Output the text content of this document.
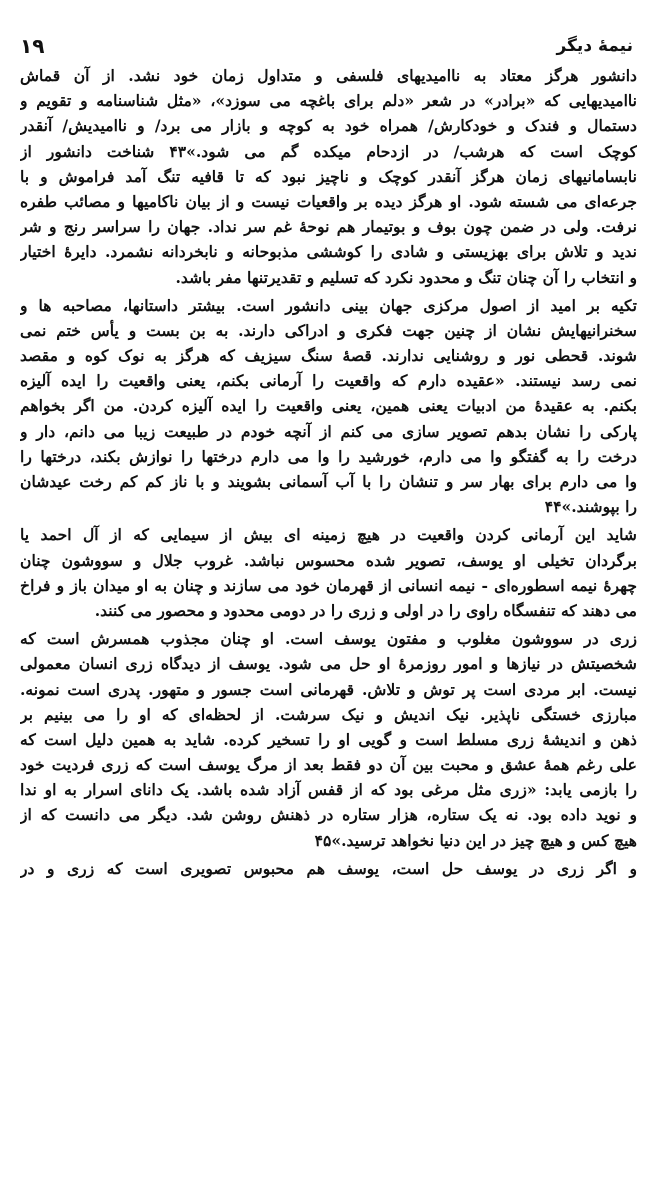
۱۹	نیمهٔ دیگر
دانشور هرگز معتاد به ناامیدیهای فلسفی و متداول زمان خود نشد. از آن قماش
ناامیدیهایی که «برادر» در شعر «دلم برای باغچه می سوزد»، «مثل شناسنامه و تقویم و
دستمال و فندک و خودکارش/ همراه خود به کوچه و بازار می برد/ و ناامیدیش/ آنقدر
کوچک است که هرشب/ در ازدحام میکده گم می شود.»۴۳ شناخت دانشور از
نابسامانیهای زمان هرگز آنقدر کوچک و ناچیز نبود که تا قافیه تنگ آمد فراموش و با
جرعه‌ای می شسته شود. او هرگز دیده بر واقعیات نیست و از بیان ناکامیها و مصائب طفره
نرفت. ولی در ضمن چون بوف و بوتیمار هم نوحهٔ غم سر نداد. جهان را سراسر رنج و شر
ندید و تلاش برای بهزیستی و شادی را کوششی مذبوحانه و نابخردانه نشمرد. دایرهٔ اختیار
و انتخاب را آن چنان تنگ و محدود نکرد که تسلیم و تقدیرتنها مفر باشد.
تکیه بر امید از اصول مرکزی جهان بینی دانشور است. بیشتر داستانها، مصاحبه ها و
سخنرانیهایش نشان از چنین جهت فکری و ادراکی دارند. به بن بست و یأس ختم نمی
شوند. قحطی نور و روشنایی ندارند. قصهٔ سنگ سیزیف که هرگز به نوک کوه و مقصد
نمی رسد نیستند. «عقیده دارم که واقعیت را آرمانی بکنم، یعنی واقعیت را ایده آلیزه
بکنم. به عقیدهٔ من ادبیات یعنی همین، یعنی واقعیت را ایده آلیزه کردن. من اگر بخواهم
پارکی را نشان بدهم تصویر سازی می کنم از آنچه خودم در طبیعت زیبا می دانم، دار و
درخت را به گفتگو وا می دارم، خورشید را وا می دارم درختها را نوازش بکند، درختها را
وا می دارم برای بهار سر و تنشان را با آب آسمانی بشویند و با ناز کم کم رخت عیدشان
را بپوشند.»۴۴
شاید این آرمانی کردن واقعیت در هیچ زمینه ای بیش از سیمایی که از آل احمد یا
برگردان تخیلی او یوسف، تصویر شده محسوس نباشد. غروب جلال و سووشون چنان
چهرهٔ نیمه اسطوره‌ای - نیمه انسانی از قهرمان خود می سازند و چنان به او میدان باز و فراخ
می دهند که تنفسگاه راوی را در اولی و زری را در دومی محدود و محصور می کنند.
زری در سووشون مغلوب و مفتون یوسف است. او چنان مجذوب همسرش است که
شخصیتش در نیازها و امور روزمرهٔ او حل می شود. یوسف از دیدگاه زری انسان معمولی
نیست. ابر مردی است پر توش و تلاش. قهرمانی است جسور و متهور. پدری است نمونه.
مبارزی خستگی ناپذیر. نیک اندیش و نیک سرشت. از لحظه‌ای که او را می بینیم بر
ذهن و اندیشهٔ زری مسلط است و گویی او را تسخیر کرده. شاید به همین دلیل است که
علی رغم همهٔ عشق و محبت بین آن دو فقط بعد از مرگ یوسف است که زری فردیت خود
را بازمی یابد: «زری مثل مرغی بود که از قفس آزاد شده باشد. یک دانای اسرار به او ندا
و نوید داده بود. نه یک ستاره، هزار ستاره در ذهنش روشن شد. دیگر می دانست که از
هیچ کس و هیچ چیز در این دنیا نخواهد ترسید.»۴۵
و اگر زری در یوسف حل است، یوسف هم محبوس تصویری است که زری و در
